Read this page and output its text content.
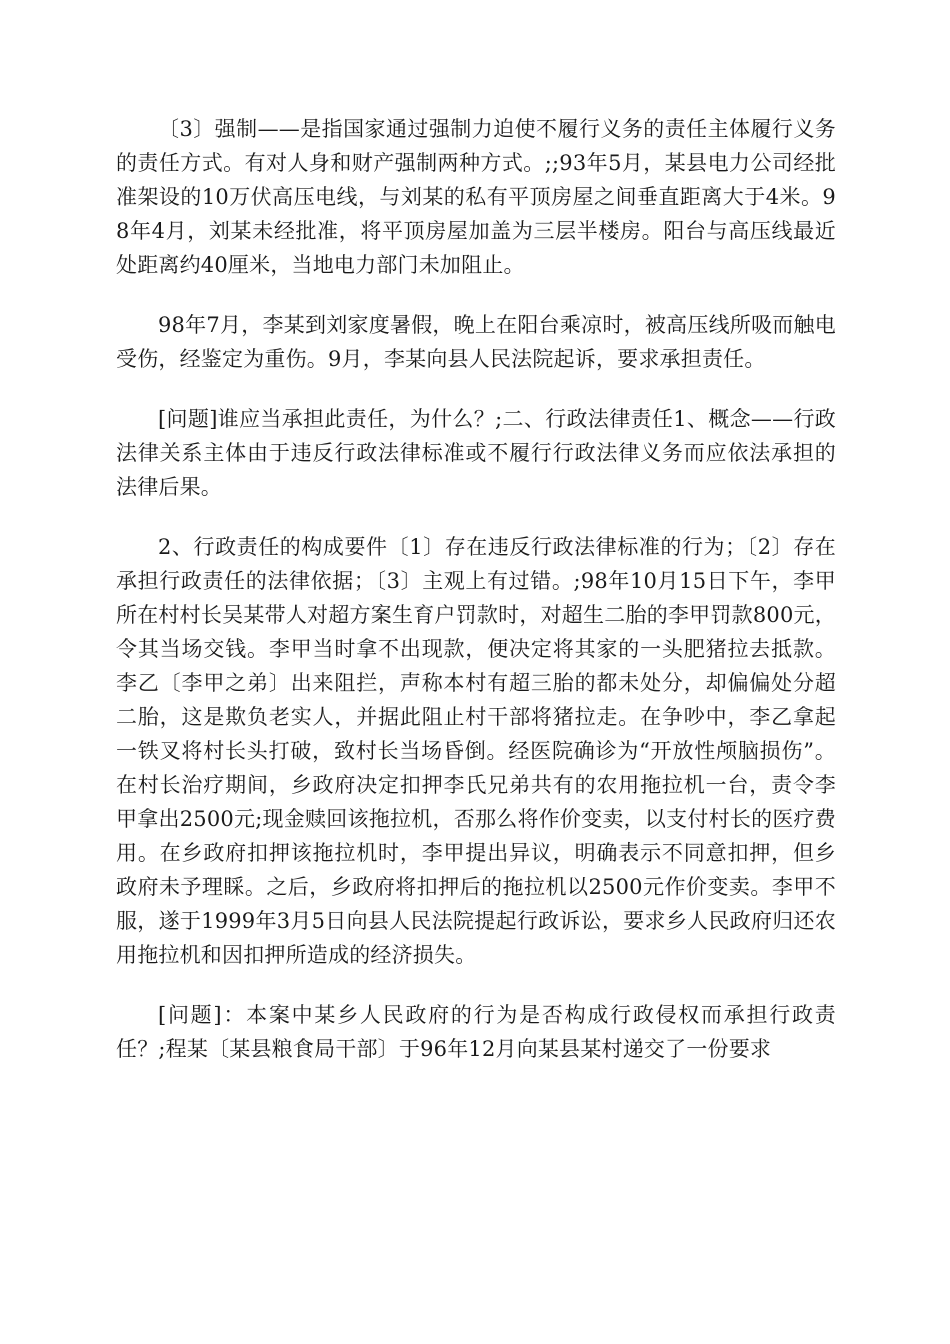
〔3〕强制——是指国家通过强制力迫使不履行义务的责任主体履行义务的责任方式。有对人身和财产强制两种方式。;;93年5月，某县电力公司经批准架设的10万伏高压电线，与刘某的私有平顶房屋之间垂直距离大于4米。98年4月，刘某未经批准，将平顶房屋加盖为三层半楼房。阳台与高压线最近处距离约40厘米，当地电力部门未加阻止。

98年7月，李某到刘家度暑假，晚上在阳台乘凉时，被高压线所吸而触电受伤，经鉴定为重伤。9月，李某向县人民法院起诉，要求承担责任。

[问题]谁应当承担此责任，为什么？;二、行政法律责任1、概念——行政法律关系主体由于违反行政法律标准或不履行行政法律义务而应依法承担的法律后果。

2、行政责任的构成要件〔1〕存在违反行政法律标准的行为；〔2〕存在承担行政责任的法律依据；〔3〕主观上有过错。;98年10月15日下午，李甲所在村村长吴某带人对超方案生育户罚款时，对超生二胎的李甲罚款800元，令其当场交钱。李甲当时拿不出现款，便决定将其家的一头肥猪拉去抵款。李乙〔李甲之弟〕出来阻拦，声称本村有超三胎的都未处分，却偏偏处分超二胎，这是欺负老实人，并据此阻止村干部将猪拉走。在争吵中，李乙拿起一铁叉将村长头打破，致村长当场昏倒。经医院确诊为“开放性颅脑损伤”。在村长治疗期间，乡政府决定扣押李氏兄弟共有的农用拖拉机一台，责令李甲拿出2500元;现金赎回该拖拉机，否那么将作价变卖，以支付村长的医疗费用。在乡政府扣押该拖拉机时，李甲提出异议，明确表示不同意扣押，但乡政府未予理睬。之后，乡政府将扣押后的拖拉机以2500元作价变卖。李甲不服，遂于1999年3月5日向县人民法院提起行政诉讼，要求乡人民政府归还农用拖拉机和因扣押所造成的经济损失。

[问题]：本案中某乡人民政府的行为是否构成行政侵权而承担行政责任？;程某〔某县粮食局干部〕于96年12月向某县某村递交了一份要求
